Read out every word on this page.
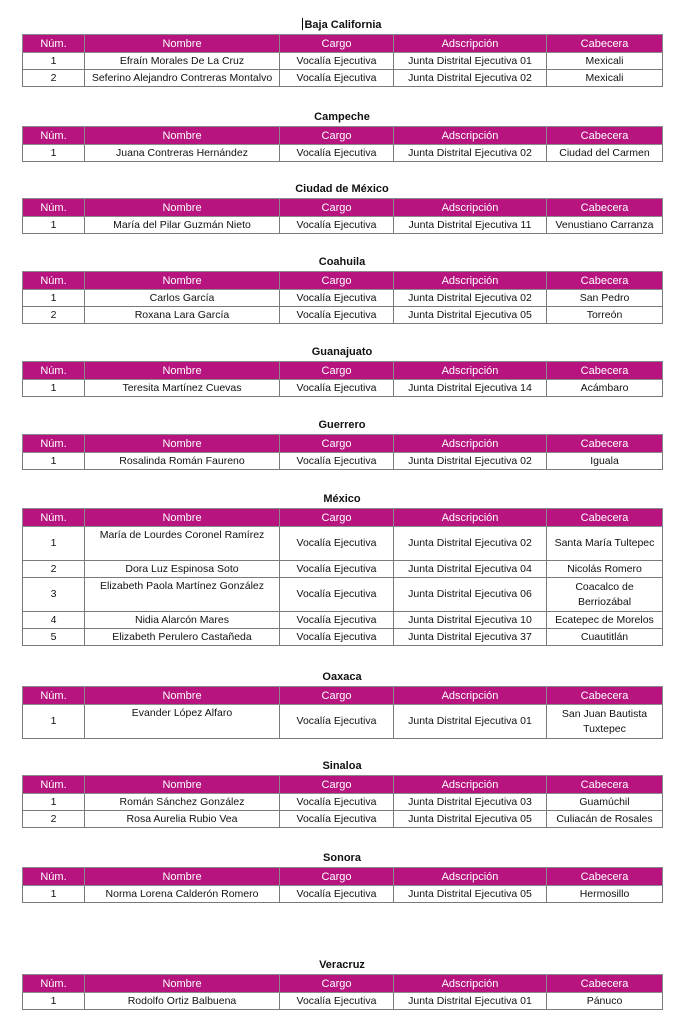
Baja California
Núm.	Nombre	Cargo	Adscripción	Cabecera
1	Efraín Morales De La Cruz	Vocalía Ejecutiva	Junta Distrital Ejecutiva 01	Mexicali
2	Seferino Alejandro Contreras Montalvo	Vocalía Ejecutiva	Junta Distrital Ejecutiva 02	Mexicali
Campeche
Núm.	Nombre	Cargo	Adscripción	Cabecera
1	Juana Contreras Hernández	Vocalía Ejecutiva	Junta Distrital Ejecutiva 02	Ciudad del Carmen
Ciudad de México
Núm.	Nombre	Cargo	Adscripción	Cabecera
1	María del Pilar Guzmán Nieto	Vocalía Ejecutiva	Junta Distrital Ejecutiva 11	Venustiano Carranza
Coahuila
Núm.	Nombre	Cargo	Adscripción	Cabecera
1	Carlos García	Vocalía Ejecutiva	Junta Distrital Ejecutiva 02	San Pedro
2	Roxana Lara García	Vocalía Ejecutiva	Junta Distrital Ejecutiva 05	Torreón
Guanajuato
Núm.	Nombre	Cargo	Adscripción	Cabecera
1	Teresita Martínez Cuevas	Vocalía Ejecutiva	Junta Distrital Ejecutiva 14	Acámbaro
Guerrero
Núm.	Nombre	Cargo	Adscripción	Cabecera
1	Rosalinda Román Faureno	Vocalía Ejecutiva	Junta Distrital Ejecutiva 02	Iguala
México
Núm.	Nombre	Cargo	Adscripción	Cabecera
1	María de Lourdes Coronel Ramírez	Vocalía Ejecutiva	Junta Distrital Ejecutiva 02	Santa María Tultepec
2	Dora Luz Espinosa Soto	Vocalía Ejecutiva	Junta Distrital Ejecutiva 04	Nicolás Romero
3	Elizabeth Paola Martínez González	Vocalía Ejecutiva	Junta Distrital Ejecutiva 06	Coacalco de Berriozábal
4	Nidia Alarcón Mares	Vocalía Ejecutiva	Junta Distrital Ejecutiva 10	Ecatepec de Morelos
5	Elizabeth Perulero Castañeda	Vocalía Ejecutiva	Junta Distrital Ejecutiva 37	Cuautitlán
Oaxaca
Núm.	Nombre	Cargo	Adscripción	Cabecera
1	Evander López Alfaro	Vocalía Ejecutiva	Junta Distrital Ejecutiva 01	San Juan Bautista Tuxtepec
Sinaloa
Núm.	Nombre	Cargo	Adscripción	Cabecera
1	Román Sánchez González	Vocalía Ejecutiva	Junta Distrital Ejecutiva 03	Guamúchil
2	Rosa Aurelia Rubio Vea	Vocalía Ejecutiva	Junta Distrital Ejecutiva 05	Culiacán de Rosales
Sonora
Núm.	Nombre	Cargo	Adscripción	Cabecera
1	Norma Lorena Calderón Romero	Vocalía Ejecutiva	Junta Distrital Ejecutiva 05	Hermosillo
Veracruz
Núm.	Nombre	Cargo	Adscripción	Cabecera
1	Rodolfo Ortiz Balbuena	Vocalía Ejecutiva	Junta Distrital Ejecutiva 01	Pánuco
